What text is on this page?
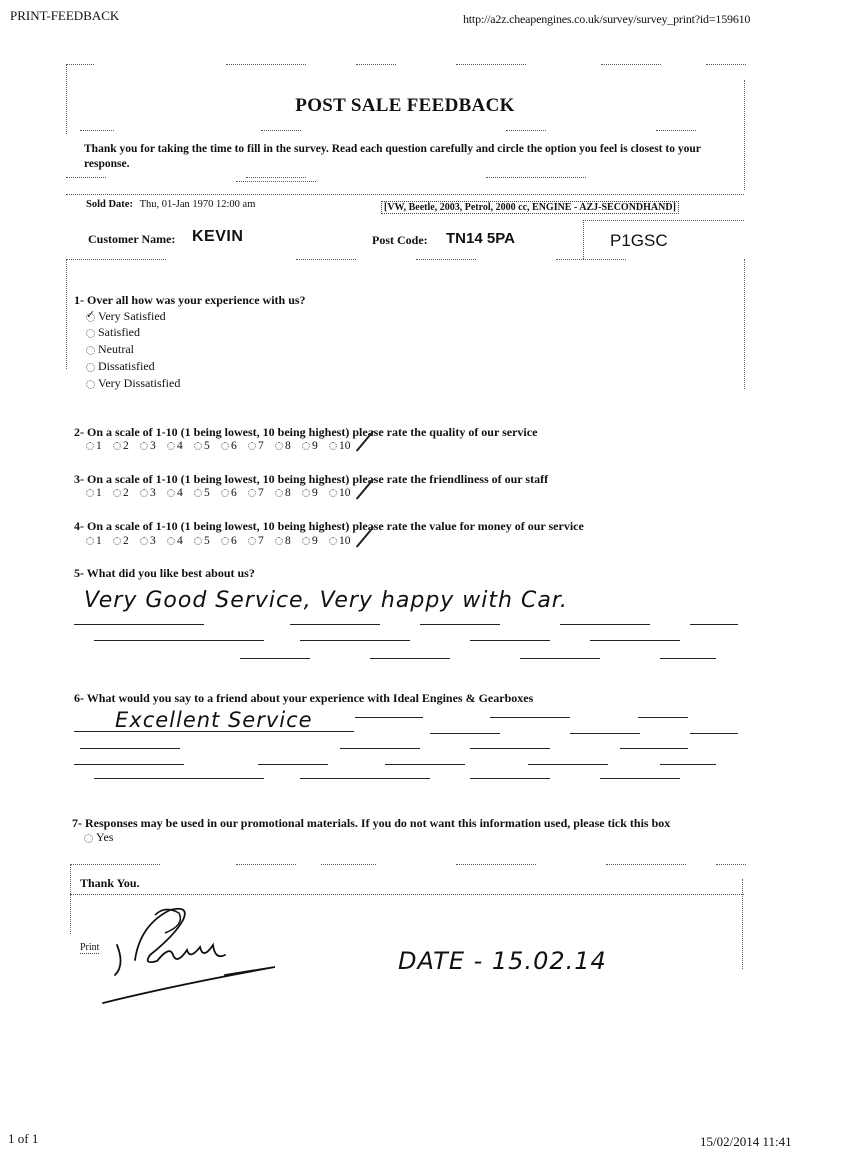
PRINT-FEEDBACK	http://a2z.cheapengines.co.uk/survey/survey_print?id=159610
POST SALE FEEDBACK
Thank you for taking the time to fill in the survey. Read each question carefully and circle the option you feel is closest to your response.
Sold Date: Thu, 01-Jan 1970 12:00 am	[VW, Beetle, 2003, Petrol, 2000 cc, ENGINE - AZJ-SECONDHAND]
Customer Name: KEVIN	Post Code: TN14 5PA	P1GSC
1- Over all how was your experience with us?
✓Very Satisfied
Satisfied
Neutral
Dissatisfied
Very Dissatisfied
2- On a scale of 1-10 (1 being lowest, 10 being highest) please rate the quality of our service
1	2	3	4	5	6	7	8	9	10
3- On a scale of 1-10 (1 being lowest, 10 being highest) please rate the friendliness of our staff
1	2	3	4	5	6	7	8	9	10
4- On a scale of 1-10 (1 being lowest, 10 being highest) please rate the value for money of our service
1	2	3	4	5	6	7	8	9	10
5- What did you like best about us?
Very Good Service, Very happy with Car.
6- What would you say to a friend about your experience with Ideal Engines & Gearboxes
Excellent Service
7- Responses may be used in our promotional materials. If you do not want this information used, please tick this box
Yes
Thank You.
Print	DATE - 15.02.14
1 of 1	15/02/2014 11:41
